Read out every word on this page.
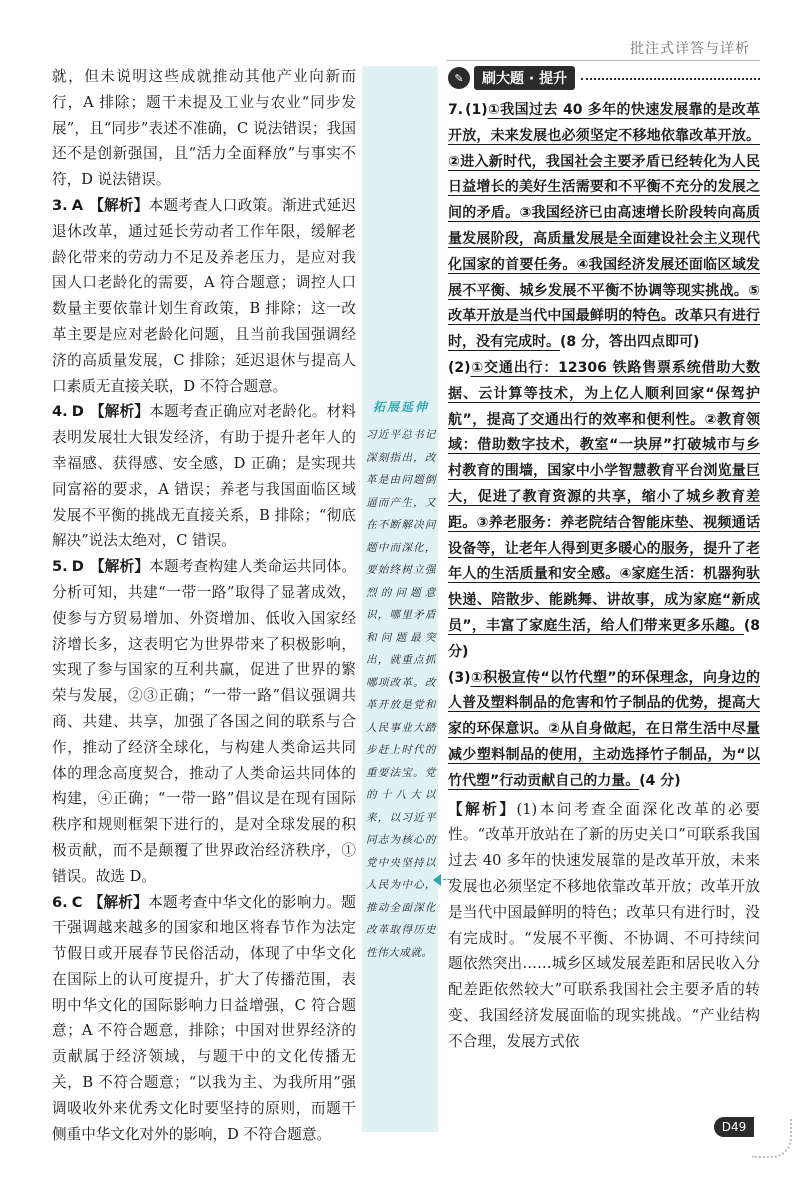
批注式详答与详析

就，但未说明这些成就推动其他产业向新而行，A 排除；题干未提及工业与农业“同步发展”，且“同步”表述不准确，C 说法错误；我国还不是创新强国，且“活力全面释放”与事实不符，D 说法错误。

3. A 【解析】本题考查人口政策。渐进式延迟退休改革，通过延长劳动者工作年限，缓解老龄化带来的劳动力不足及养老压力，是应对我国人口老龄化的需要，A 符合题意；调控人口数量主要依靠计划生育政策，B 排除；这一改革主要是应对老龄化问题，且当前我国强调经济的高质量发展，C 排除；延迟退休与提高人口素质无直接关联，D 不符合题意。

4. D 【解析】本题考查正确应对老龄化。材料表明发展壮大银发经济，有助于提升老年人的幸福感、获得感、安全感，D 正确；是实现共同富裕的要求，A 错误；养老与我国面临区域发展不平衡的挑战无直接关系，B 排除；“彻底解决”说法太绝对，C 错误。

5. D 【解析】本题考查构建人类命运共同体。分析可知，共建“一带一路”取得了显著成效，使参与方贸易增加、外资增加、低收入国家经济增长多，这表明它为世界带来了积极影响，实现了参与国家的互利共赢，促进了世界的繁荣与发展，②③正确；“一带一路”倡议强调共商、共建、共享，加强了各国之间的联系与合作，推动了经济全球化，与构建人类命运共同体的理念高度契合，推动了人类命运共同体的构建，④正确；“一带一路”倡议是在现有国际秩序和规则框架下进行的，是对全球发展的积极贡献，而不是颠覆了世界政治经济秩序，①错误。故选 D。

6. C 【解析】本题考查中华文化的影响力。题干强调越来越多的国家和地区将春节作为法定节假日或开展春节民俗活动，体现了中华文化在国际上的认可度提升，扩大了传播范围，表明中华文化的国际影响力日益增强，C 符合题意；A 不符合题意，排除；中国对世界经济的贡献属于经济领域，与题干中的文化传播无关，B 不符合题意；“以我为主、为我所用”强调吸收外来优秀文化时要坚持的原则，而题干侧重中华文化对外的影响，D 不符合题意。

拓展延伸
习近平总书记深刻指出，改革是由问题倒逼而产生，又在不断解决问题中而深化，要始终树立强烈的问题意识，哪里矛盾和问题最突出，就重点抓哪项改革。改革开放是党和人民事业大踏步赶上时代的重要法宝。党的十八大以来，以习近平同志为核心的党中央坚持以人民为中心，推动全面深化改革取得历史性伟大成就。
✎	刷大题 · 提升

7. (1)①我国过去 40 多年的快速发展靠的是改革开放，未来发展也必须坚定不移地依靠改革开放。②进入新时代，我国社会主要矛盾已经转化为人民日益增长的美好生活需要和不平衡不充分的发展之间的矛盾。③我国经济已由高速增长阶段转向高质量发展阶段，高质量发展是全面建设社会主义现代化国家的首要任务。④我国经济发展还面临区域发展不平衡、城乡发展不平衡不协调等现实挑战。⑤改革开放是当代中国最鲜明的特色。改革只有进行时，没有完成时。(8 分，答出四点即可)

(2)①交通出行：12306 铁路售票系统借助大数据、云计算等技术，为上亿人顺利回家“保驾护航”，提高了交通出行的效率和便利性。②教育领域：借助数字技术，教室“一块屏”打破城市与乡村教育的围墙，国家中小学智慧教育平台浏览量巨大，促进了教育资源的共享，缩小了城乡教育差距。③养老服务：养老院结合智能床垫、视频通话设备等，让老年人得到更多暖心的服务，提升了老年人的生活质量和安全感。④家庭生活：机器狗驮快递、陪散步、能跳舞、讲故事，成为家庭“新成员”，丰富了家庭生活，给人们带来更多乐趣。(8 分)

(3)①积极宣传“以竹代塑”的环保理念，向身边的人普及塑料制品的危害和竹子制品的优势，提高大家的环保意识。②从自身做起，在日常生活中尽量减少塑料制品的使用，主动选择竹子制品，为“以竹代塑”行动贡献自己的力量。(4 分)

【解析】(1)本问考查全面深化改革的必要性。“改革开放站在了新的历史关口”可联系我国过去 40 多年的快速发展靠的是改革开放，未来发展也必须坚定不移地依靠改革开放；改革开放是当代中国最鲜明的特色；改革只有进行时，没有完成时。“发展不平衡、不协调、不可持续问题依然突出……城乡区域发展差距和居民收入分配差距依然较大”可联系我国社会主要矛盾的转变、我国经济发展面临的现实挑战。“产业结构不合理，发展方式依

D49
